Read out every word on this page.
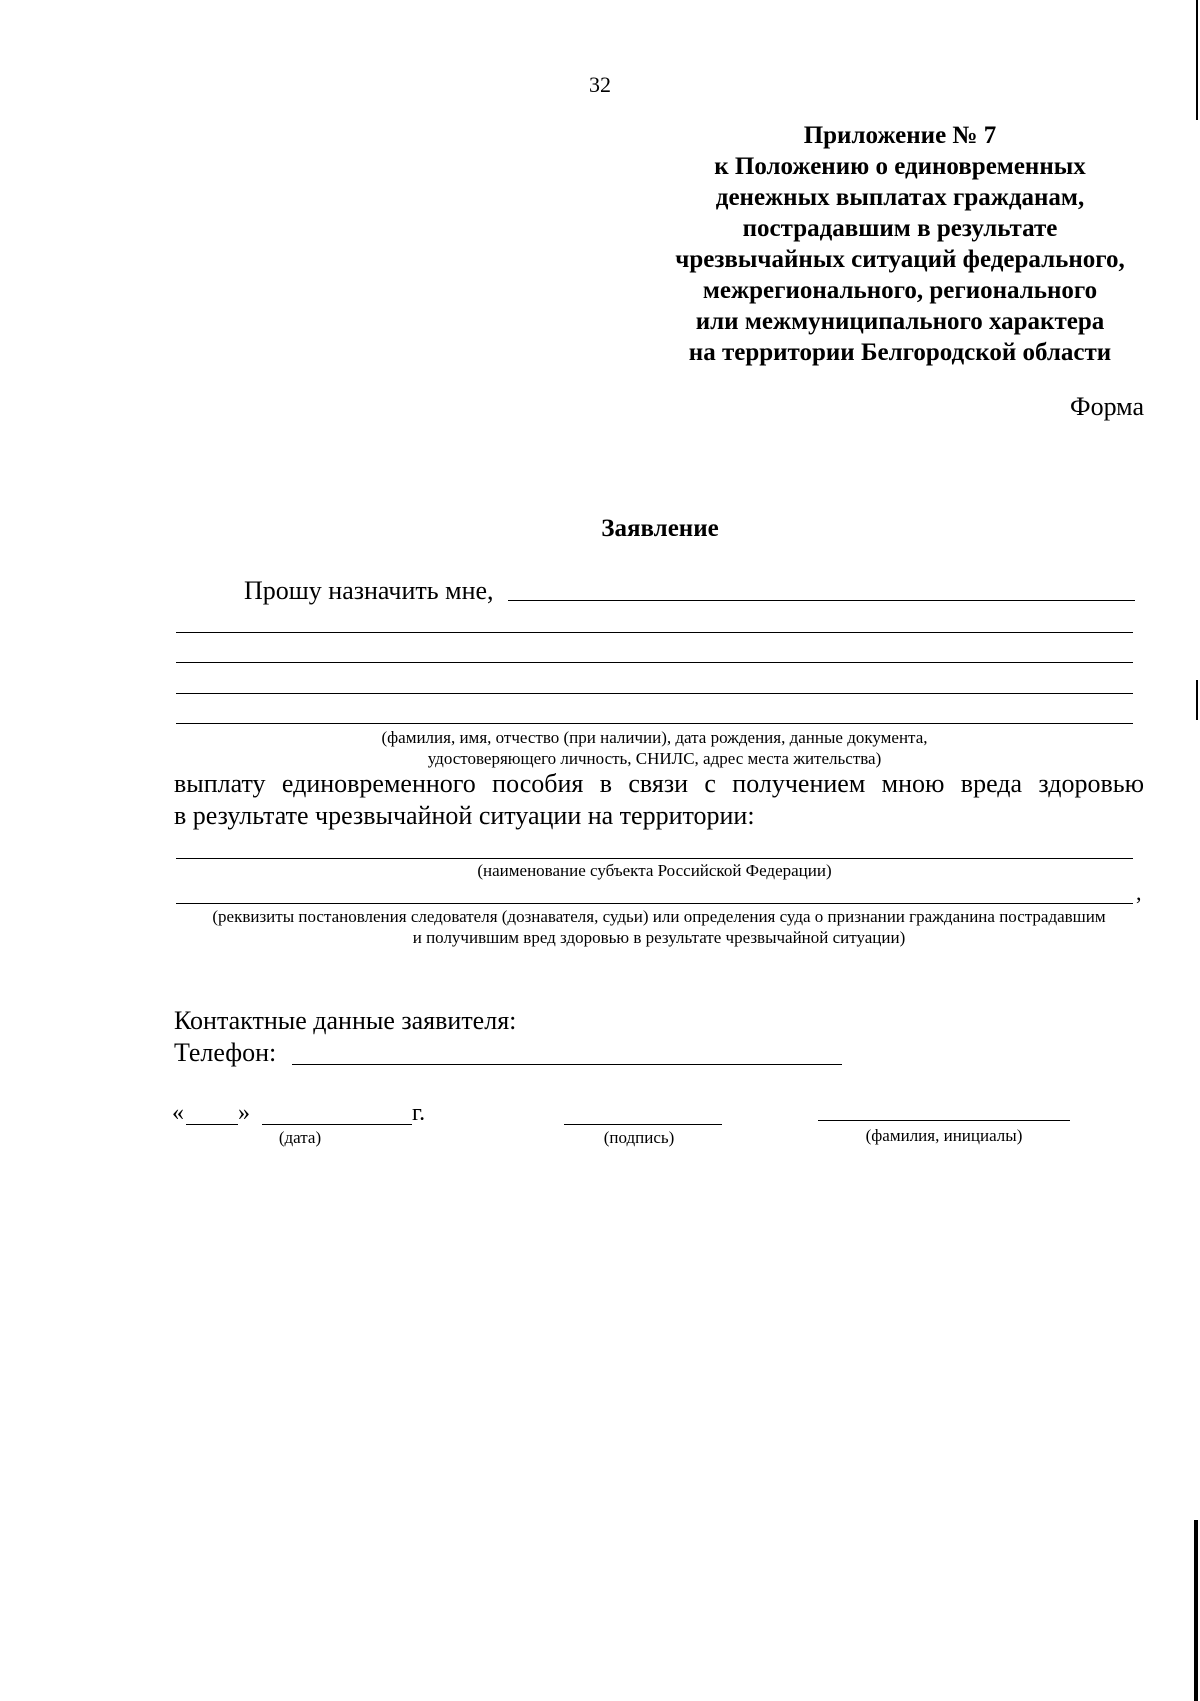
32
Приложение № 7
к Положению о единовременных
денежных выплатах гражданам,
пострадавшим в результате
чрезвычайных ситуаций федерального,
межрегионального, регионального
или межмуниципального характера
на территории Белгородской области
Форма
Заявление
Прошу назначить мне,
(фамилия, имя, отчество (при наличии), дата рождения, данные документа,
удостоверяющего личность, СНИЛС, адрес места жительства)
выплату единовременного пособия в связи с получением мною вреда здоровью
в результате чрезвычайной ситуации на территории:
(наименование субъекта Российской Федерации)
,
(реквизиты постановления следователя (дознавателя, судьи) или определения суда о признании гражданина пострадавшим
и получившим вред здоровью в результате чрезвычайной ситуации)
Контактные данные заявителя:
Телефон:
« »	г.
(дата)	(подпись)	(фамилия, инициалы)
